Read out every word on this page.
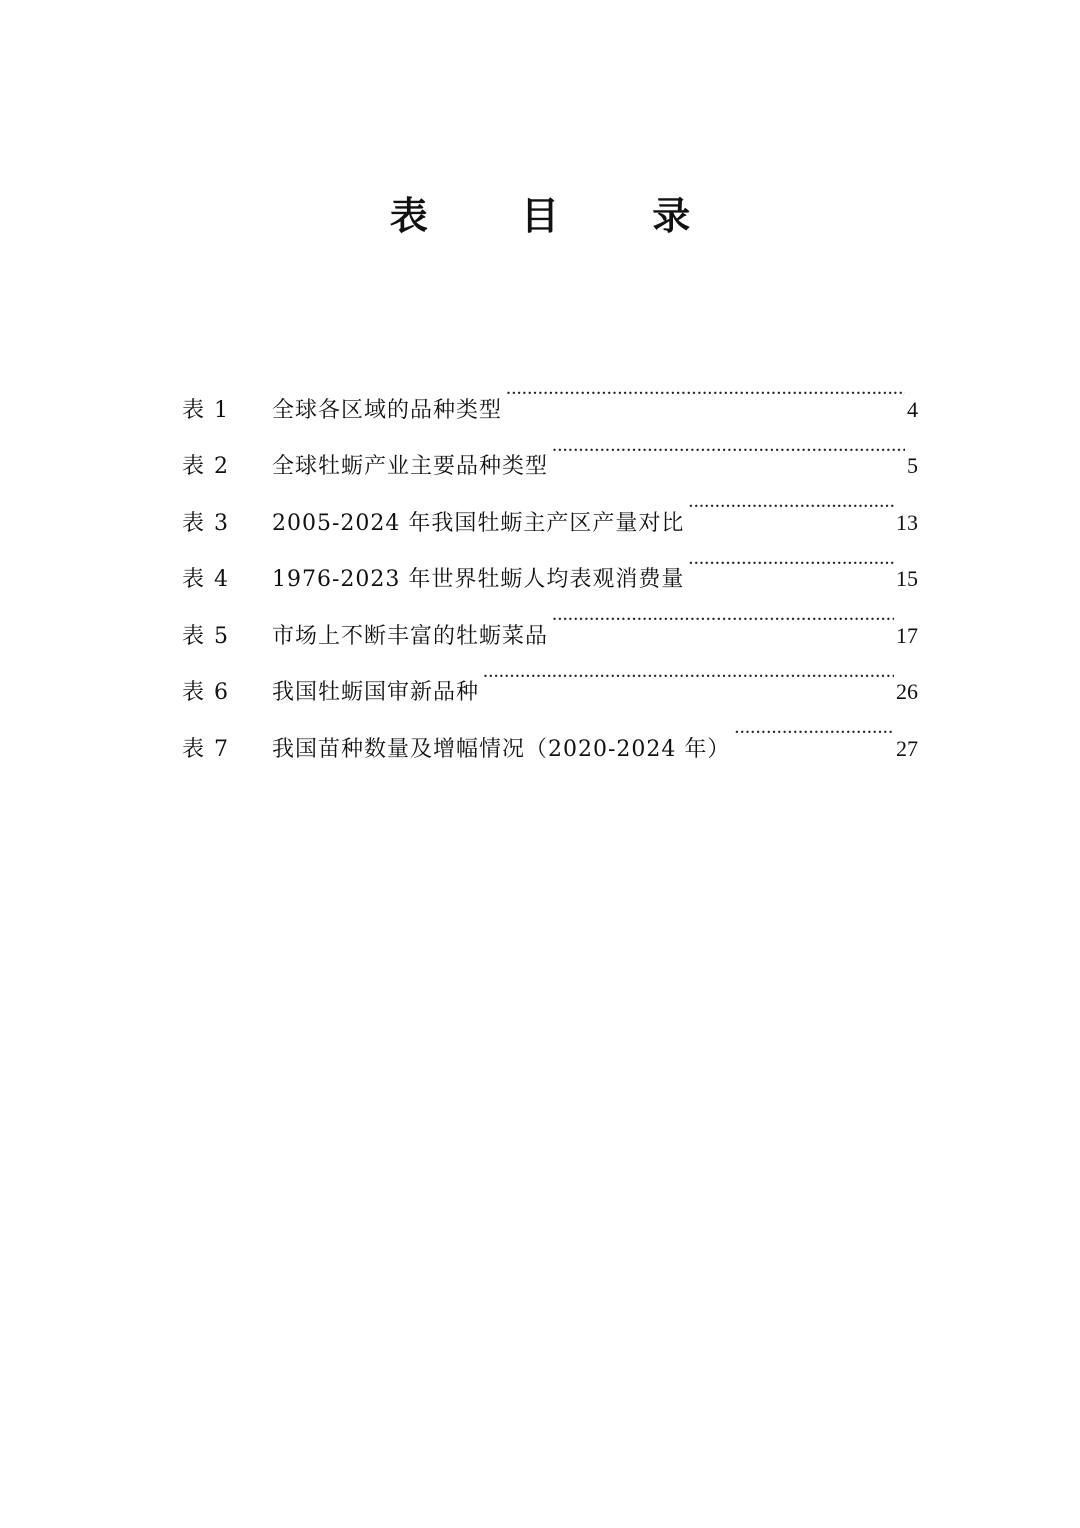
表 目 录
表 1	全球各区域的品种类型 .....	4
表 2	全球牡蛎产业主要品种类型 .....	5
表 3	2005-2024 年我国牡蛎主产区产量对比 .....	13
表 4	1976-2023 年世界牡蛎人均表观消费量 .....	15
表 5	市场上不断丰富的牡蛎菜品 .....	17
表 6	我国牡蛎国审新品种 .....	26
表 7	我国苗种数量及增幅情况（2020-2024 年） .....	27
